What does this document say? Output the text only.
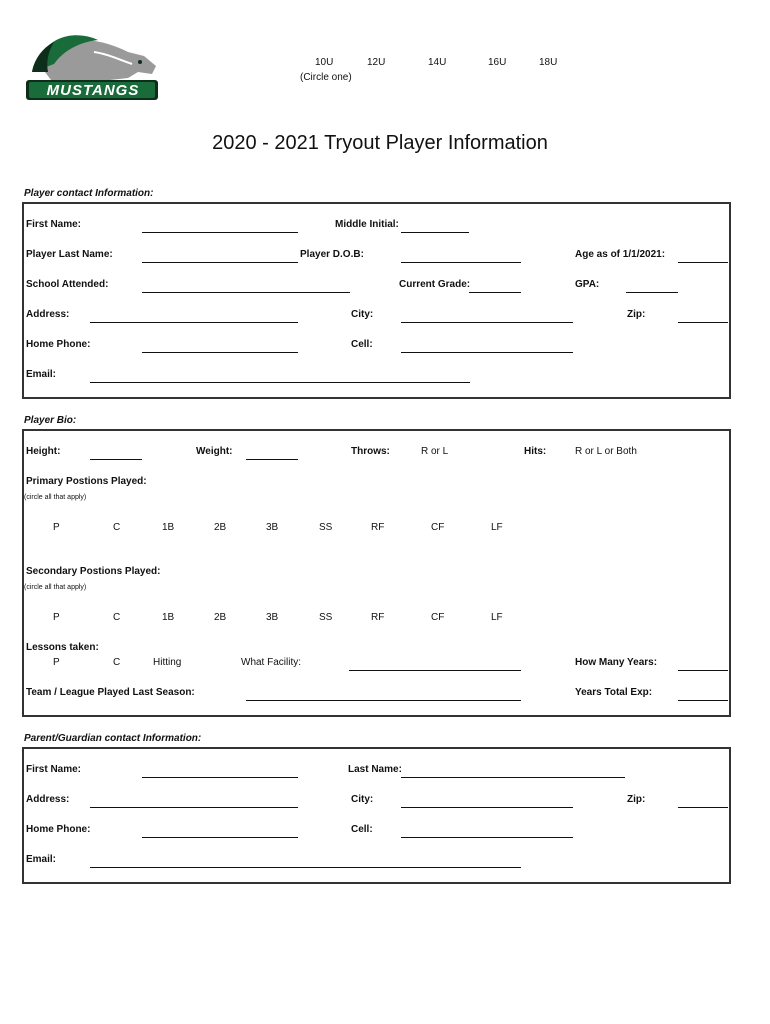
MUSTANGS
10U	12U	14U	16U	18U
(Circle one)
2020 - 2021 Tryout Player Information
Player contact Information:
First Name:	Middle Initial:
Player Last Name:	Player D.O.B:	Age as of 1/1/2021:
School Attended:	Current Grade:	GPA:
Address:	City:	Zip:
Home Phone:	Cell:
Email:
Player Bio:
Height:	Weight:	Throws:	R or L	Hits:	R or L or Both
Primary Postions Played:
(circle all that apply)
P	C	1B	2B	3B	SS	RF	CF	LF
Secondary Postions Played:
(circle all that apply)
P	C	1B	2B	3B	SS	RF	CF	LF
Lessons taken:
P	C	Hitting	What Facility:	How Many Years:
Team / League Played Last Season:	Years Total Exp:
Parent/Guardian contact Information:
First Name:	Last Name:
Address:	City:	Zip:
Home Phone:	Cell:
Email:
